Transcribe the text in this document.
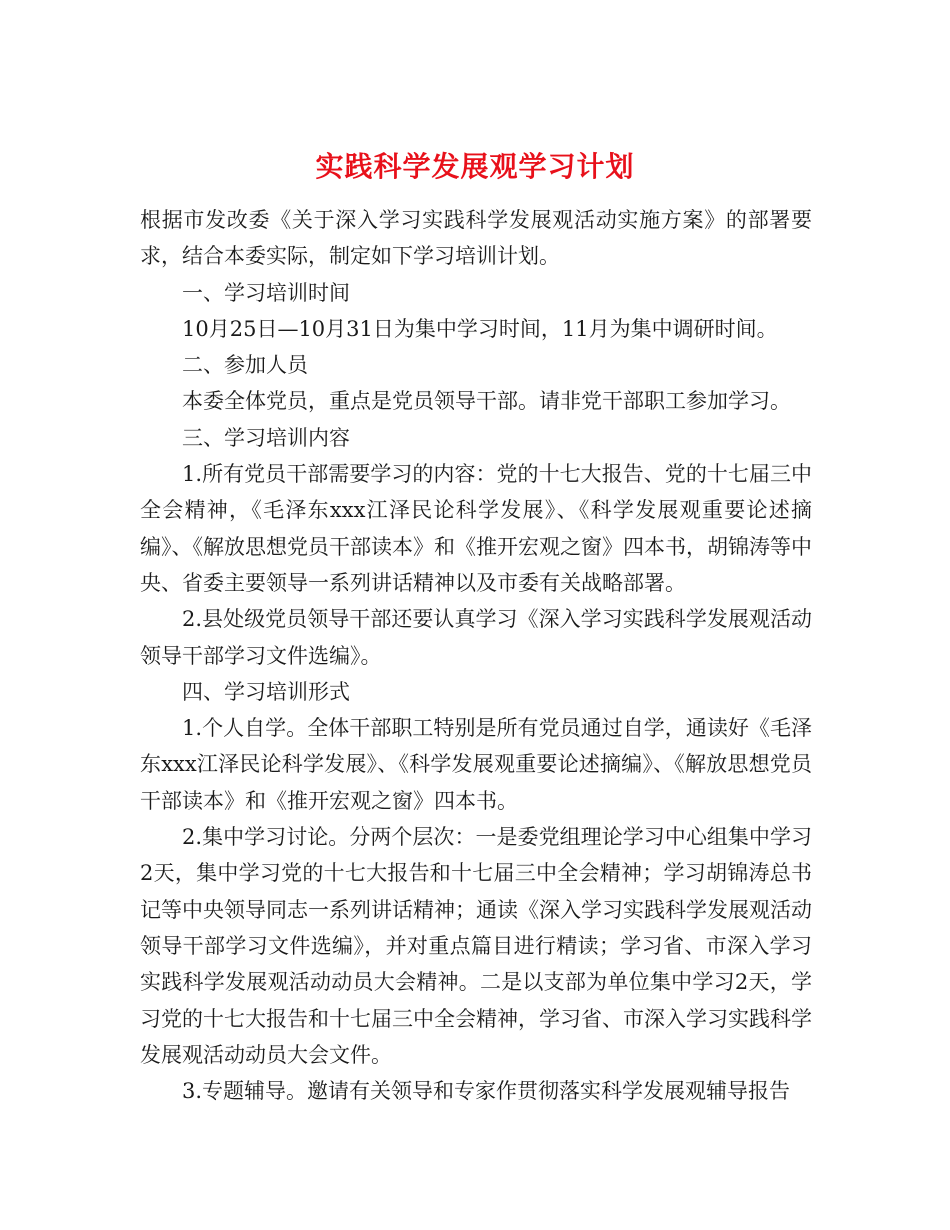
实践科学发展观学习计划

根据市发改委《关于深入学习实践科学发展观活动实施方案》的部署要求，结合本委实际，制定如下学习培训计划。

一、学习培训时间

10月25日—10月31日为集中学习时间，11月为集中调研时间。

二、参加人员

本委全体党员，重点是党员领导干部。请非党干部职工参加学习。

三、学习培训内容

1.所有党员干部需要学习的内容：党的十七大报告、党的十七届三中全会精神，《毛泽东xxx江泽民论科学发展》、《科学发展观重要论述摘编》、《解放思想党员干部读本》和《推开宏观之窗》四本书，胡锦涛等中央、省委主要领导一系列讲话精神以及市委有关战略部署。

2.县处级党员领导干部还要认真学习《深入学习实践科学发展观活动领导干部学习文件选编》。

四、学习培训形式

1.个人自学。全体干部职工特别是所有党员通过自学，通读好《毛泽东xxx江泽民论科学发展》、《科学发展观重要论述摘编》、《解放思想党员干部读本》和《推开宏观之窗》四本书。

2.集中学习讨论。分两个层次：一是委党组理论学习中心组集中学习2天，集中学习党的十七大报告和十七届三中全会精神；学习胡锦涛总书记等中央领导同志一系列讲话精神；通读《深入学习实践科学发展观活动领导干部学习文件选编》，并对重点篇目进行精读；学习省、市深入学习实践科学发展观活动动员大会精神。二是以支部为单位集中学习2天，学习党的十七大报告和十七届三中全会精神，学习省、市深入学习实践科学发展观活动动员大会文件。

3.专题辅导。邀请有关领导和专家作贯彻落实科学发展观辅导报告
